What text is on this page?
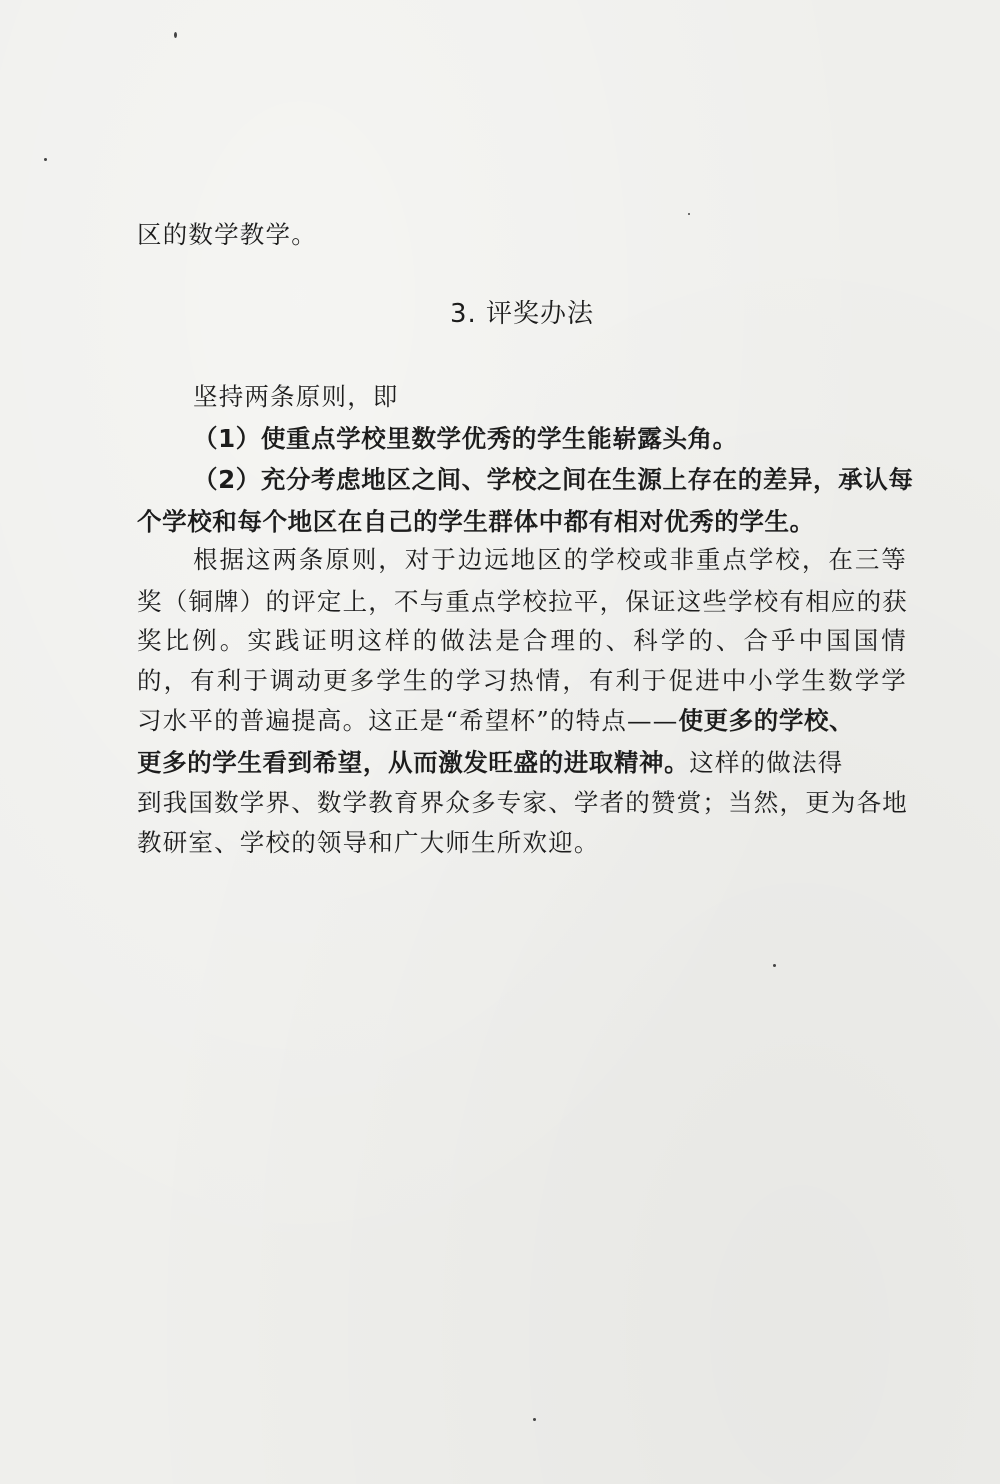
区的数学教学。
3. 评奖办法
坚持两条原则，即
（1）使重点学校里数学优秀的学生能崭露头角。
（2）充分考虑地区之间、学校之间在生源上存在的差异，承认每
个学校和每个地区在自己的学生群体中都有相对优秀的学生。
根据这两条原则，对于边远地区的学校或非重点学校，在三等
奖（铜牌）的评定上，不与重点学校拉平，保证这些学校有相应的获
奖比例。实践证明这样的做法是合理的、科学的、合乎中国国情
的，有利于调动更多学生的学习热情，有利于促进中小学生数学学
习水平的普遍提高。这正是“希望杯”的特点——使更多的学校、
更多的学生看到希望，从而激发旺盛的进取精神。这样的做法得
到我国数学界、数学教育界众多专家、学者的赞赏；当然，更为各地
教研室、学校的领导和广大师生所欢迎。
